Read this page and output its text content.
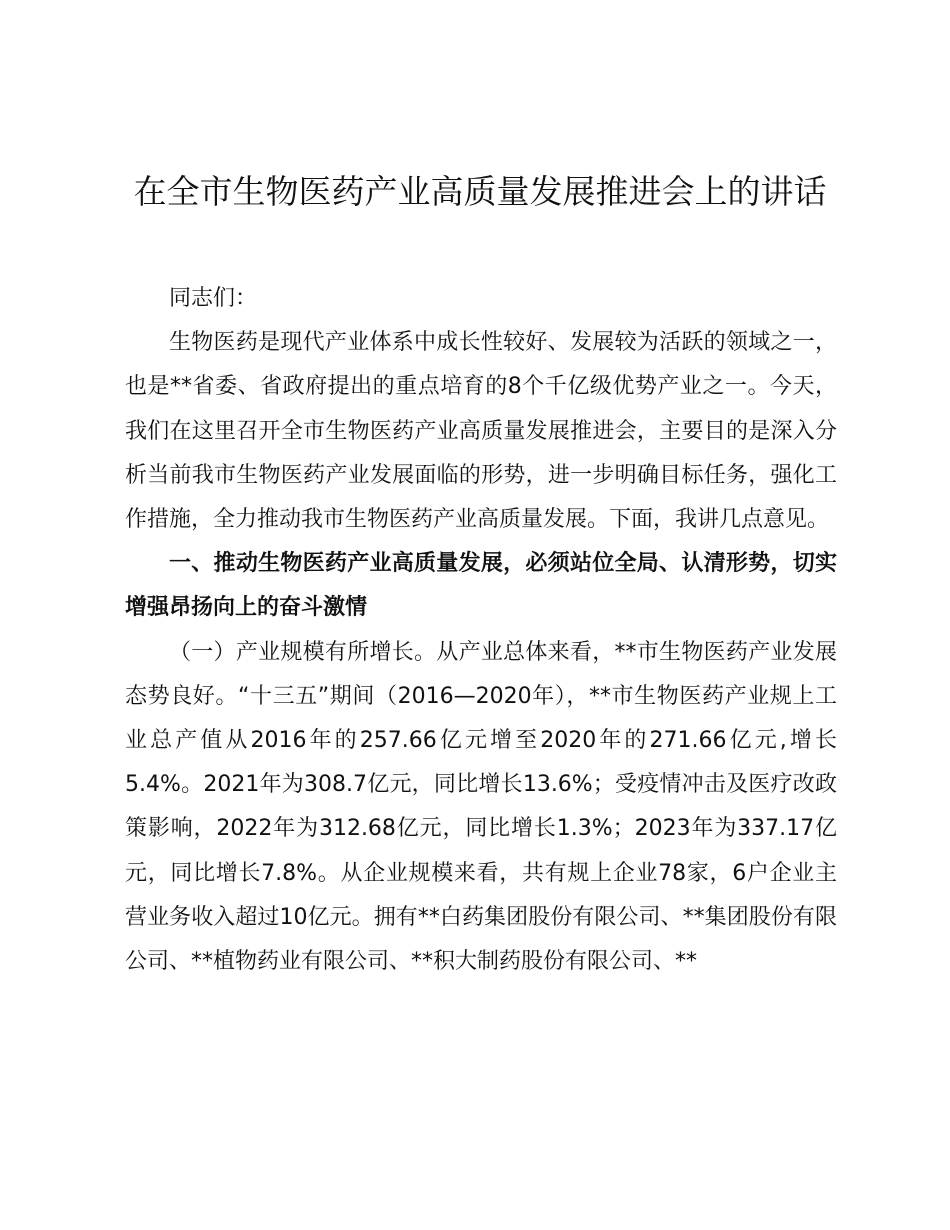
在全市生物医药产业高质量发展推进会上的讲话

同志们：

生物医药是现代产业体系中成长性较好、发展较为活跃的领域之一，也是**省委、省政府提出的重点培育的8个千亿级优势产业之一。今天，我们在这里召开全市生物医药产业高质量发展推进会，主要目的是深入分析当前我市生物医药产业发展面临的形势，进一步明确目标任务，强化工作措施，全力推动我市生物医药产业高质量发展。下面，我讲几点意见。

一、推动生物医药产业高质量发展，必须站位全局、认清形势，切实增强昂扬向上的奋斗激情

（一）产业规模有所增长。从产业总体来看，**市生物医药产业发展态势良好。“十三五”期间（2016—2020年），**市生物医药产业规上工业总产值从2016年的257.66亿元增至2020年的271.66亿元,增长5.4%。2021年为308.7亿元，同比增长13.6%；受疫情冲击及医疗改政策影响，2022年为312.68亿元，同比增长1.3%；2023年为337.17亿元，同比增长7.8%。从企业规模来看，共有规上企业78家，6户企业主营业务收入超过10亿元。拥有**白药集团股份有限公司、**集团股份有限公司、**植物药业有限公司、**积大制药股份有限公司、**
